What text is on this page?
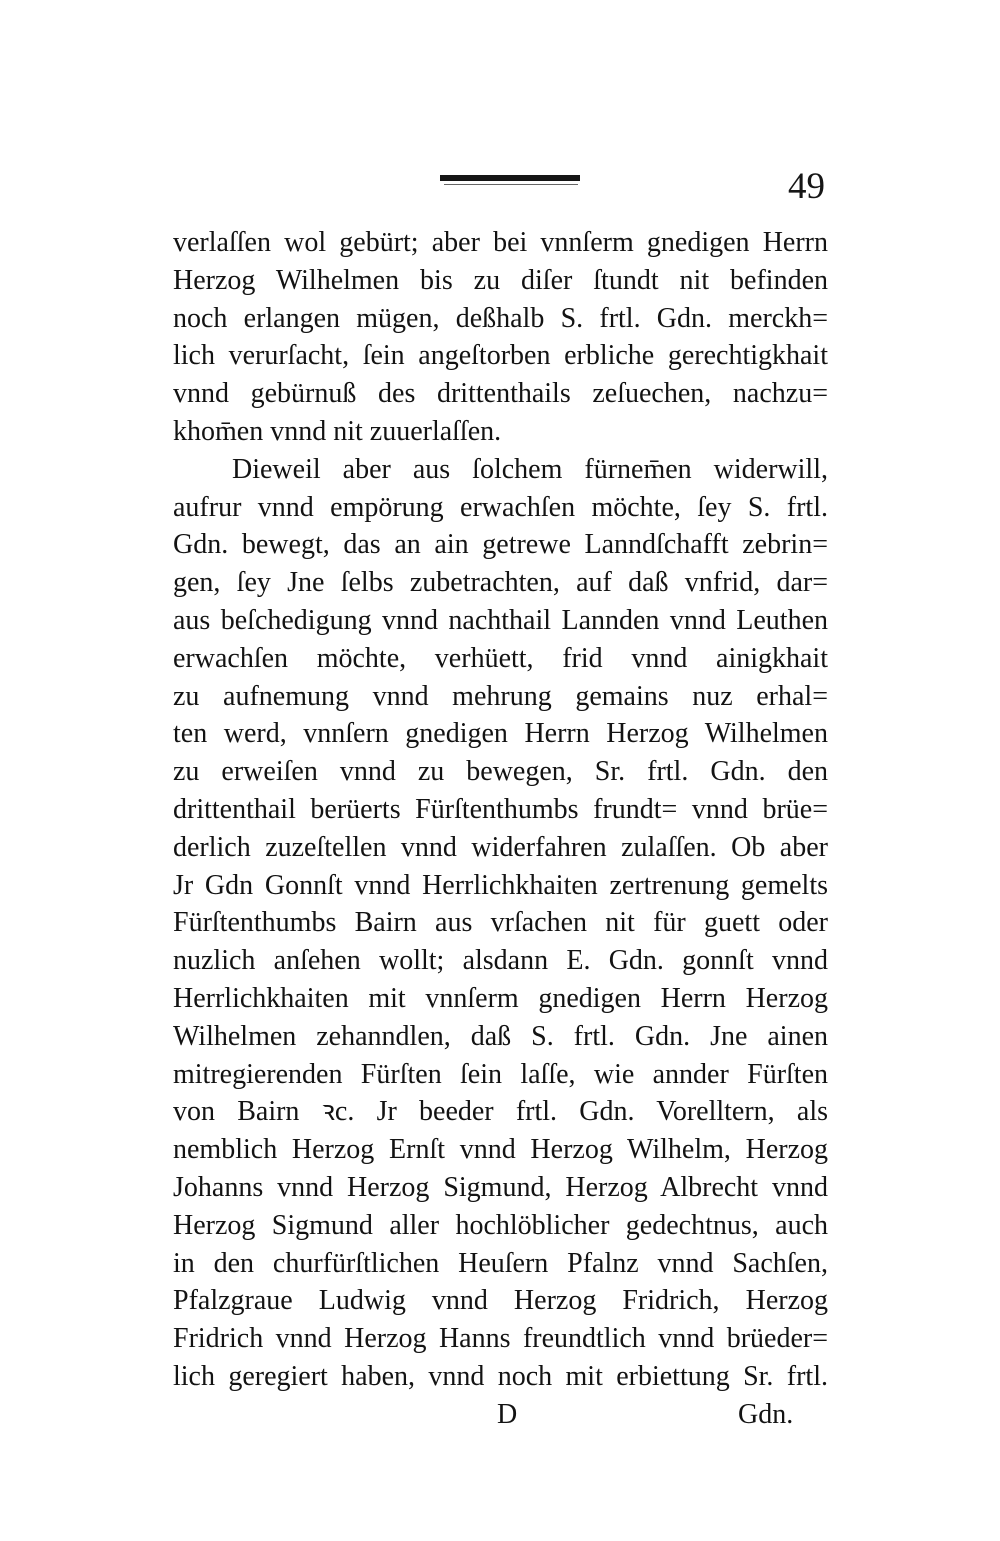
49
verlaſſen wol gebürt; aber bei vnnſerm gnedigen Herrn
Herzog Wilhelmen bis zu diſer ſtundt nit befinden
noch erlangen mügen, deßhalb S. frtl. Gdn. merckh=
lich verurſacht, ſein angeſtorben erbliche gerechtigkhait
vnnd gebürnuß des drittenthails zeſuechen, nachzu=
khom̄en vnnd nit zuuerlaſſen.
Dieweil aber aus ſolchem fürnem̄en widerwill,
aufrur vnnd empörung erwachſen möchte, ſey S. frtl.
Gdn. bewegt, das an ain getrewe Lanndſchafft zebrin=
gen, ſey Jne ſelbs zubetrachten, auf daß vnfrid, dar=
aus beſchedigung vnnd nachthail Lannden vnnd Leuthen
erwachſen möchte, verhüett, frid vnnd ainigkhait
zu aufnemung vnnd mehrung gemains nuz erhal=
ten werd, vnnſern gnedigen Herrn Herzog Wilhelmen
zu erweiſen vnnd zu bewegen, Sr. frtl. Gdn. den
drittenthail berüerts Fürſtenthumbs frundt= vnnd brüe=
derlich zuzeſtellen vnnd widerfahren zulaſſen. Ob aber
Jr Gdn Gonnſt vnnd Herrlichkhaiten zertrenung gemelts
Fürſtenthumbs Bairn aus vrſachen nit für guett oder
nuzlich anſehen wollt; alsdann E. Gdn. gonnſt vnnd
Herrlichkhaiten mit vnnſerm gnedigen Herrn Herzog
Wilhelmen zehanndlen, daß S. frtl. Gdn. Jne ainen
mitregierenden Fürſten ſein laſſe, wie annder Fürſten
von Bairn ꝛc. Jr beeder frtl. Gdn. Vorelltern, als
nemblich Herzog Ernſt vnnd Herzog Wilhelm, Herzog
Johanns vnnd Herzog Sigmund, Herzog Albrecht vnnd
Herzog Sigmund aller hochlöblicher gedechtnus, auch
in den churfürſtlichen Heuſern Pfalnz vnnd Sachſen,
Pfalzgraue Ludwig vnnd Herzog Fridrich, Herzog
Fridrich vnnd Herzog Hanns freundtlich vnnd brüeder=
lich geregiert haben, vnnd noch mit erbiettung Sr. frtl.
D	Gdn.
